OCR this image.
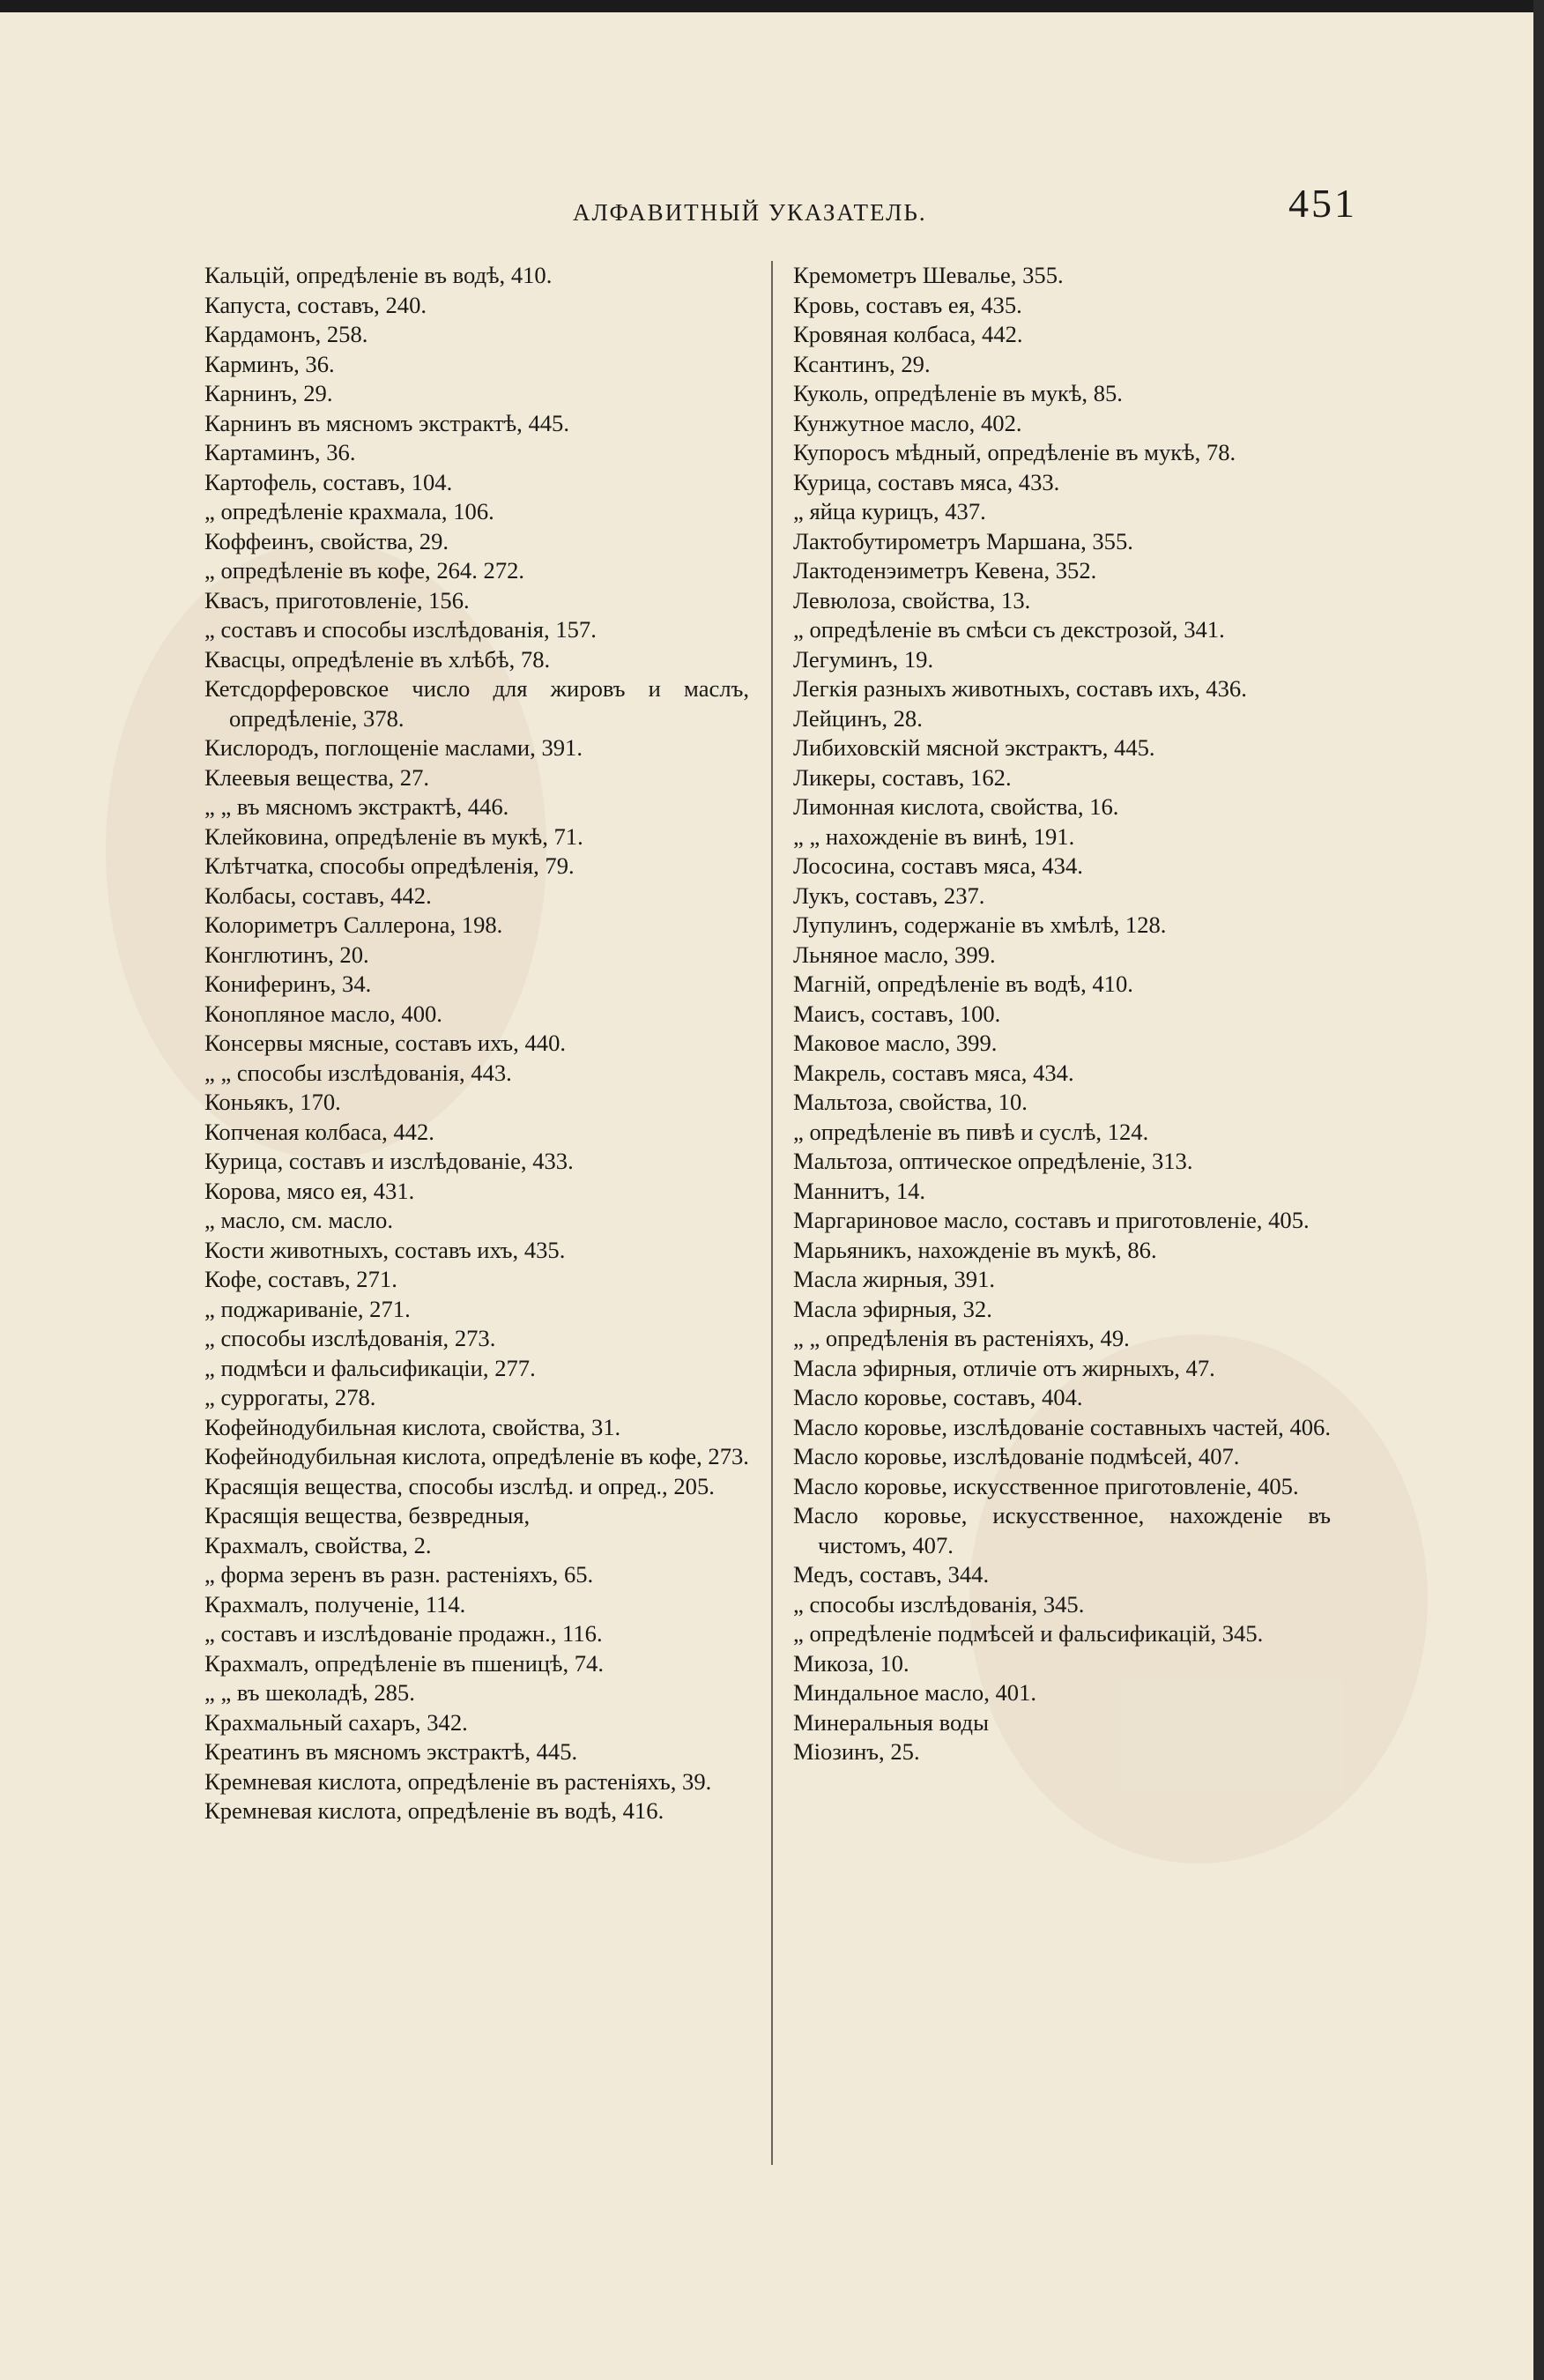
АЛФАВИТНЫЙ УКАЗАТЕЛЬ.	451

Кальцій, опредѣленіе въ водѣ, 410.

Капуста, составъ, 240.

Кардамонъ, 258.

Карминъ, 36.

Карнинъ, 29.

Карнинъ въ мясномъ экстрактѣ, 445.

Картаминъ, 36.

Картофель, составъ, 104.

„ опредѣленіе крахмала, 106.

Коффеинъ, свойства, 29.

„ опредѣленіе въ кофе, 264. 272.

Квасъ, приготовленіе, 156.

„ составъ и способы изслѣдованія, 157.

Квасцы, опредѣленіе въ хлѣбѣ, 78.

Кетсдорферовское число для жировъ и маслъ, опредѣленіе, 378.

Кислородъ, поглощеніе маслами, 391.

Клеевыя вещества, 27.

„ „ въ мясномъ экстрактѣ, 446.

Клейковина, опредѣленіе въ мукѣ, 71.

Клѣтчатка, способы опредѣленія, 79.

Колбасы, составъ, 442.

Колориметръ Саллерона, 198.

Конглютинъ, 20.

Кониферинъ, 34.

Конопляное масло, 400.

Консервы мясные, составъ ихъ, 440.

„ „ способы изслѣдованія, 443.

Коньякъ, 170.

Копченая колбаса, 442.

Курица, составъ и изслѣдованіе, 433.

Корова, мясо ея, 431.

„ масло, см. масло.

Кости животныхъ, составъ ихъ, 435.

Кофе, составъ, 271.

„ поджариваніе, 271.

„ способы изслѣдованія, 273.

„ подмѣси и фальсификаціи, 277.

„ суррогаты, 278.

Кофейнодубильная кислота, свойства, 31.

Кофейнодубильная кислота, опредѣленіе въ кофе, 273.

Красящія вещества, способы изслѣд. и опред., 205.

Красящія вещества, безвредныя,

Крахмалъ, свойства, 2.

„ форма зеренъ въ разн. растеніяхъ, 65.

Крахмалъ, полученіе, 114.

„ составъ и изслѣдованіе продажн., 116.

Крахмалъ, опредѣленіе въ пшеницѣ, 74.

„ „ въ шеколадѣ, 285.

Крахмальный сахаръ, 342.

Креатинъ въ мясномъ экстрактѣ, 445.

Кремневая кислота, опредѣленіе въ растеніяхъ, 39.

Кремневая кислота, опредѣленіе въ водѣ, 416.

Кремометръ Шевалье, 355.

Кровь, составъ ея, 435.

Кровяная колбаса, 442.

Ксантинъ, 29.

Куколь, опредѣленіе въ мукѣ, 85.

Кунжутное масло, 402.

Купоросъ мѣдный, опредѣленіе въ мукѣ, 78.

Курица, составъ мяса, 433.

„ яйца курицъ, 437.

Лактобутирометръ Маршана, 355.

Лактоденэиметръ Кевена, 352.

Левюлоза, свойства, 13.

„ опредѣленіе въ смѣси съ декстрозой, 341.

Легуминъ, 19.

Легкія разныхъ животныхъ, составъ ихъ, 436.

Лейцинъ, 28.

Либиховскій мясной экстрактъ, 445.

Ликеры, составъ, 162.

Лимонная кислота, свойства, 16.

„ „ нахожденіе въ винѣ, 191.

Лососина, составъ мяса, 434.

Лукъ, составъ, 237.

Лупулинъ, содержаніе въ хмѣлѣ, 128.

Льняное масло, 399.

Магній, опредѣленіе въ водѣ, 410.

Маисъ, составъ, 100.

Маковое масло, 399.

Макрель, составъ мяса, 434.

Мальтоза, свойства, 10.

„ опредѣленіе въ пивѣ и суслѣ, 124.

Мальтоза, оптическое опредѣленіе, 313.

Маннитъ, 14.

Маргариновое масло, составъ и приготовленіе, 405.

Марьяникъ, нахожденіе въ мукѣ, 86.

Масла жирныя, 391.

Масла эфирныя, 32.

„ „ опредѣленія въ растеніяхъ, 49.

Масла эфирныя, отличіе отъ жирныхъ, 47.

Масло коровье, составъ, 404.

Масло коровье, изслѣдованіе составныхъ частей, 406.

Масло коровье, изслѣдованіе подмѣсей, 407.

Масло коровье, искусственное приготовленіе, 405.

Масло коровье, искусственное, нахожденіе въ чистомъ, 407.

Медъ, составъ, 344.

„ способы изслѣдованія, 345.

„ опредѣленіе подмѣсей и фальсификацій, 345.

Микоза, 10.

Миндальное масло, 401.

Минеральныя воды

Міозинъ, 25.
